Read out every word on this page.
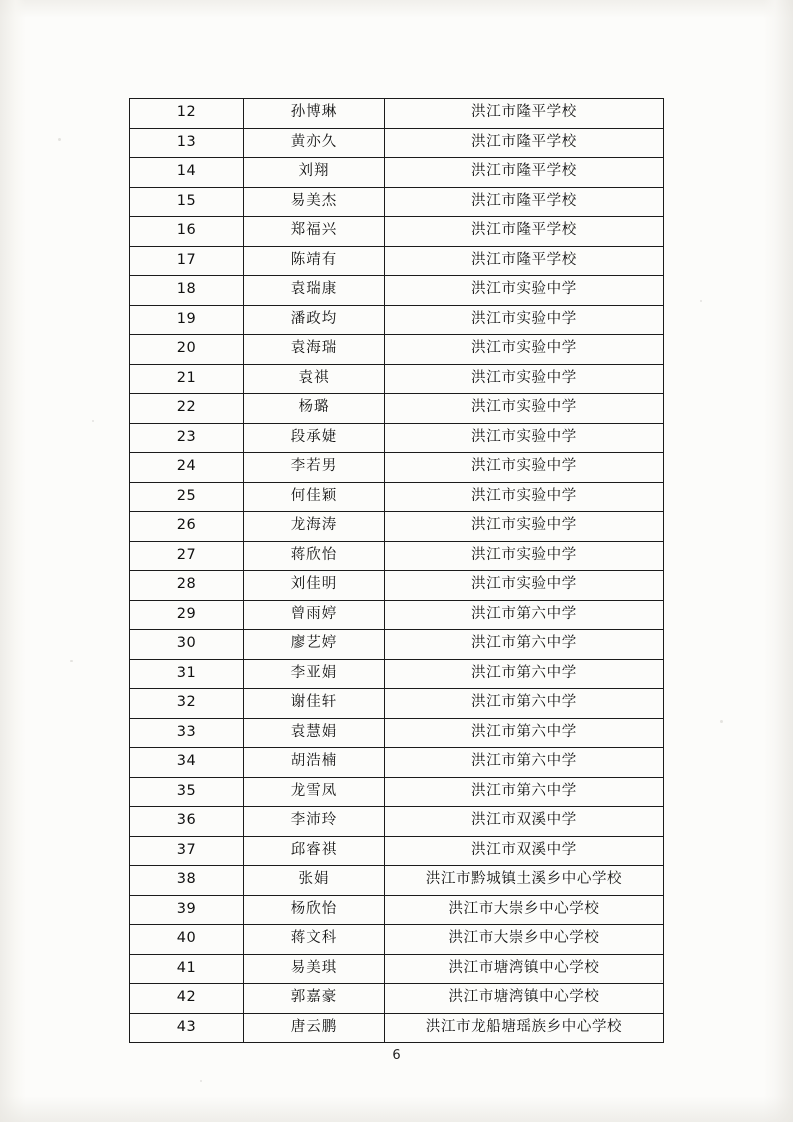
12	孙博琳	洪江市隆平学校
13	黄亦久	洪江市隆平学校
14	刘翔	洪江市隆平学校
15	易美杰	洪江市隆平学校
16	郑福兴	洪江市隆平学校
17	陈靖有	洪江市隆平学校
18	袁瑞康	洪江市实验中学
19	潘政均	洪江市实验中学
20	袁海瑞	洪江市实验中学
21	袁祺	洪江市实验中学
22	杨璐	洪江市实验中学
23	段承婕	洪江市实验中学
24	李若男	洪江市实验中学
25	何佳颖	洪江市实验中学
26	龙海涛	洪江市实验中学
27	蒋欣怡	洪江市实验中学
28	刘佳明	洪江市实验中学
29	曾雨婷	洪江市第六中学
30	廖艺婷	洪江市第六中学
31	李亚娟	洪江市第六中学
32	谢佳轩	洪江市第六中学
33	袁慧娟	洪江市第六中学
34	胡浩楠	洪江市第六中学
35	龙雪凤	洪江市第六中学
36	李沛玲	洪江市双溪中学
37	邱睿祺	洪江市双溪中学
38	张娟	洪江市黔城镇土溪乡中心学校
39	杨欣怡	洪江市大崇乡中心学校
40	蒋文科	洪江市大崇乡中心学校
41	易美琪	洪江市塘湾镇中心学校
42	郭嘉豪	洪江市塘湾镇中心学校
43	唐云鹏	洪江市龙船塘瑶族乡中心学校
6
